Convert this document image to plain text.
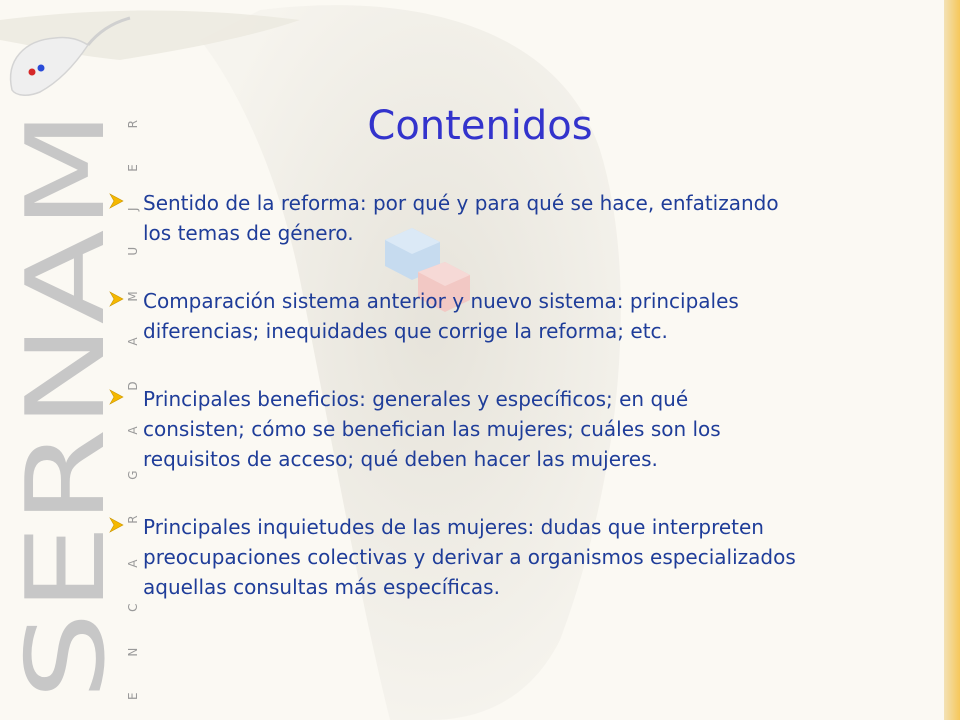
SERNAM
E N C A R G A D A M U J E R	Contenidos
Sentido de la reforma: por qué y para qué se hace, enfatizando
los temas de género.
Comparación sistema anterior y nuevo sistema: principales
diferencias; inequidades que corrige la reforma; etc.
Principales beneficios: generales y específicos; en qué
consisten; cómo se benefician las mujeres; cuáles son los
requisitos de acceso; qué deben hacer las mujeres.
Principales inquietudes de las mujeres: dudas que interpreten
preocupaciones colectivas y derivar a organismos especializados
aquellas consultas más específicas.
